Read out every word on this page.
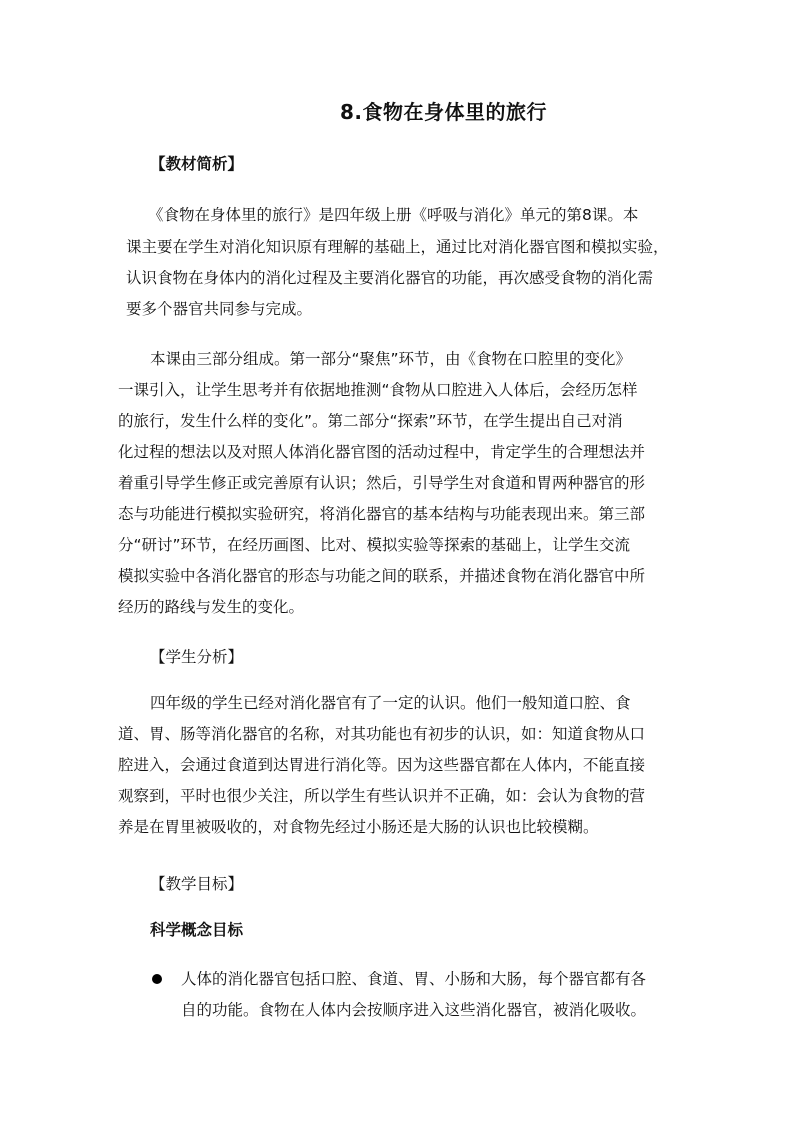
8.食物在身体里的旅行
【教材简析】
《食物在身体里的旅行》是四年级上册《呼吸与消化》单元的第8课。本
课主要在学生对消化知识原有理解的基础上，通过比对消化器官图和模拟实验，
认识食物在身体内的消化过程及主要消化器官的功能，再次感受食物的消化需
要多个器官共同参与完成。
本课由三部分组成。第一部分“聚焦”环节，由《食物在口腔里的变化》
一课引入，让学生思考并有依据地推测“食物从口腔进入人体后，会经历怎样
的旅行，发生什么样的变化”。第二部分“探索”环节，在学生提出自己对消
化过程的想法以及对照人体消化器官图的活动过程中，肯定学生的合理想法并
着重引导学生修正或完善原有认识；然后，引导学生对食道和胃两种器官的形
态与功能进行模拟实验研究，将消化器官的基本结构与功能表现出来。第三部
分“研讨”环节，在经历画图、比对、模拟实验等探索的基础上，让学生交流
模拟实验中各消化器官的形态与功能之间的联系，并描述食物在消化器官中所
经历的路线与发生的变化。
【学生分析】
四年级的学生已经对消化器官有了一定的认识。他们一般知道口腔、食
道、胃、肠等消化器官的名称，对其功能也有初步的认识，如：知道食物从口
腔进入，会通过食道到达胃进行消化等。因为这些器官都在人体内，不能直接
观察到，平时也很少关注，所以学生有些认识并不正确，如：会认为食物的营
养是在胃里被吸收的，对食物先经过小肠还是大肠的认识也比较模糊。
【教学目标】
科学概念目标
人体的消化器官包括口腔、食道、胃、小肠和大肠，每个器官都有各
自的功能。食物在人体内会按顺序进入这些消化器官，被消化吸收。
